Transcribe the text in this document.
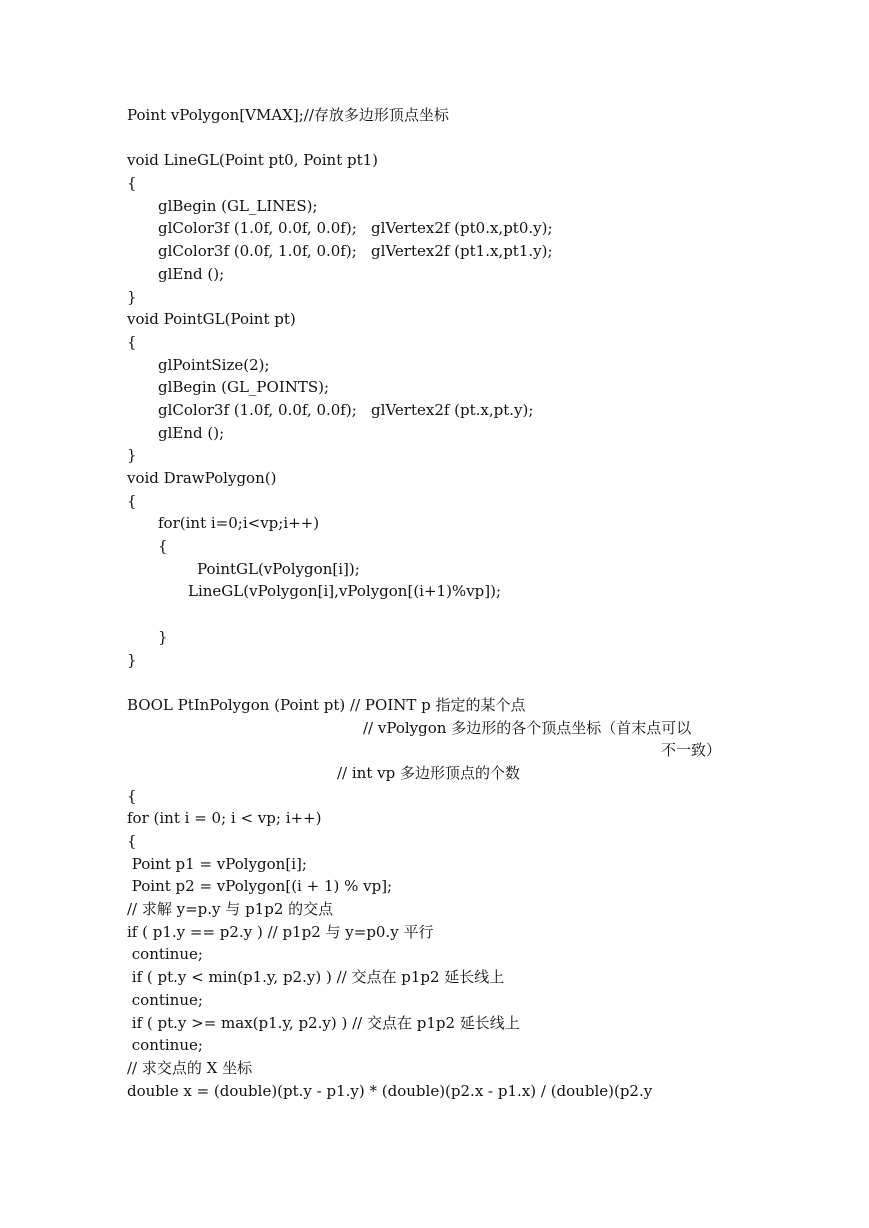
Point vPolygon[VMAX];//存放多边形顶点坐标
void LineGL(Point pt0, Point pt1)
{
glBegin (GL_LINES);
glColor3f (1.0f, 0.0f, 0.0f);   glVertex2f (pt0.x,pt0.y);
glColor3f (0.0f, 1.0f, 0.0f);   glVertex2f (pt1.x,pt1.y);
glEnd ();
}
void PointGL(Point pt)
{
glPointSize(2);
glBegin (GL_POINTS);
glColor3f (1.0f, 0.0f, 0.0f);   glVertex2f (pt.x,pt.y);
glEnd ();
}
void DrawPolygon()
{
for(int i=0;i<vp;i++)
{
PointGL(vPolygon[i]);
LineGL(vPolygon[i],vPolygon[(i+1)%vp]);
}
}
BOOL PtInPolygon (Point pt) // POINT p 指定的某个点
// vPolygon 多边形的各个顶点坐标（首末点可以
不一致）
// int vp 多边形顶点的个数
{
for (int i = 0; i < vp; i++)
{
Point p1 = vPolygon[i];
Point p2 = vPolygon[(i + 1) % vp];
// 求解 y=p.y 与 p1p2 的交点
if ( p1.y == p2.y ) // p1p2 与 y=p0.y 平行
continue;
if ( pt.y < min(p1.y, p2.y) ) // 交点在 p1p2 延长线上
continue;
if ( pt.y >= max(p1.y, p2.y) ) // 交点在 p1p2 延长线上
continue;
// 求交点的 X 坐标
double x = (double)(pt.y - p1.y) * (double)(p2.x - p1.x) / (double)(p2.y
